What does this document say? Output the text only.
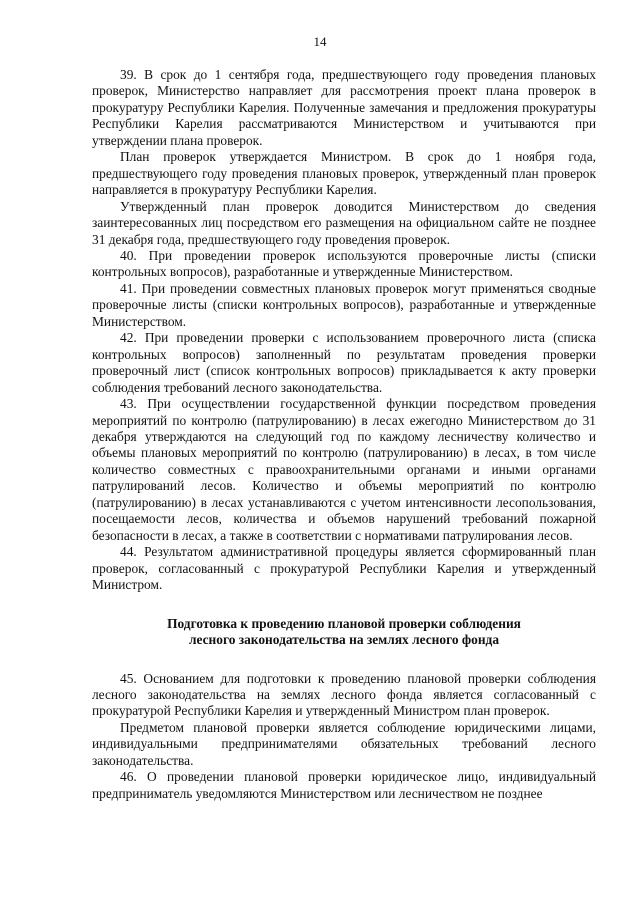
14

39. В срок до 1 сентября года, предшествующего году проведения плановых проверок, Министерство направляет для рассмотрения проект плана проверок в прокуратуру Республики Карелия. Полученные замечания и предложения прокуратуры Республики Карелия рассматриваются Министерством и учитываются при утверждении плана проверок.

План проверок утверждается Министром. В срок до 1 ноября года, предшествующего году проведения плановых проверок, утвержденный план проверок направляется в прокуратуру Республики Карелия.

Утвержденный план проверок доводится Министерством до сведения заинтересованных лиц посредством его размещения на официальном сайте не позднее 31 декабря года, предшествующего году проведения проверок.

40. При проведении проверок используются проверочные листы (списки контрольных вопросов), разработанные и утвержденные Министерством.

41. При проведении совместных плановых проверок могут применяться сводные проверочные листы (списки контрольных вопросов), разработанные и утвержденные Министерством.

42. При проведении проверки с использованием проверочного листа (списка контрольных вопросов) заполненный по результатам проведения проверки проверочный лист (список контрольных вопросов) прикладывается к акту проверки соблюдения требований лесного законодательства.

43. При осуществлении государственной функции посредством проведения мероприятий по контролю (патрулированию) в лесах ежегодно Министерством до 31 декабря утверждаются на следующий год по каждому лесничеству количество и объемы плановых мероприятий по контролю (патрулированию) в лесах, в том числе количество совместных с правоохранительными органами и иными органами патрулирований лесов. Количество и объемы мероприятий по контролю (патрулированию) в лесах устанавливаются с учетом интенсивности лесопользования, посещаемости лесов, количества и объемов нарушений требований пожарной безопасности в лесах, а также в соответствии с нормативами патрулирования лесов.

44. Результатом административной процедуры является сформированный план проверок, согласованный с прокуратурой Республики Карелия и утвержденный Министром.

Подготовка к проведению плановой проверки соблюдения
лесного законодательства на землях лесного фонда

45. Основанием для подготовки к проведению плановой проверки соблюдения лесного законодательства на землях лесного фонда является согласованный с прокуратурой Республики Карелия и утвержденный Министром план проверок.

Предметом плановой проверки является соблюдение юридическими лицами, индивидуальными предпринимателями обязательных требований лесного законодательства.

46. О проведении плановой проверки юридическое лицо, индивидуальный предприниматель уведомляются Министерством или лесничеством не позднее
